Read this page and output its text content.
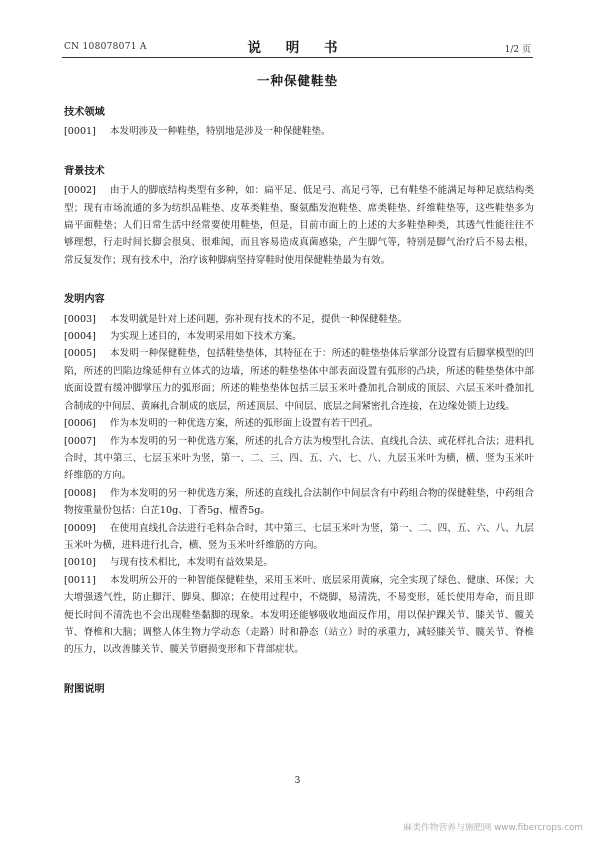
CN 108078071 A	说 明 书	1/2 页
一种保健鞋垫
技术领域
[0001] 本发明涉及一种鞋垫，特别地是涉及一种保健鞋垫。
背景技术
[0002] 由于人的脚底结构类型有多种，如：扁平足、低足弓、高足弓等，已有鞋垫不能满足每种足底结构类型；现有市场流通的多为纺织品鞋垫、皮革类鞋垫、聚氨酯发泡鞋垫、席类鞋垫、纤维鞋垫等，这些鞋垫多为扁平面鞋垫；人们日常生活中经常要使用鞋垫，但是，目前市面上的上述的大多鞋垫种类，其透气性能往往不够理想，行走时间长脚会很臭、很难闻，而且容易造成真菌感染，产生脚气等，特别是脚气治疗后不易去根，常反复发作；现有技术中，治疗该种脚病坚持穿鞋时使用保健鞋垫最为有效。
发明内容
[0003] 本发明就是针对上述问题，弥补现有技术的不足，提供一种保健鞋垫。
[0004] 为实现上述目的，本发明采用如下技术方案。
[0005] 本发明一种保健鞋垫，包括鞋垫垫体，其特征在于：所述的鞋垫垫体后掌部分设置有后脚掌模型的凹陷，所述的凹陷边缘延伸有立体式的边墙，所述的鞋垫垫体中部表面设置有弧形的凸块，所述的鞋垫垫体中部底面设置有缓冲脚掌压力的弧形面；所述的鞋垫垫体包括三层玉米叶叠加扎合制成的顶层、六层玉米叶叠加扎合制成的中间层、黄麻扎合制成的底层，所述顶层、中间层、底层之间紧密扎合连接，在边缘处锁上边线。
[0006] 作为本发明的一种优选方案，所述的弧形面上设置有若干凹孔。
[0007] 作为本发明的另一种优选方案，所述的扎合方法为梭型扎合法、直线扎合法、或花样扎合法；进料扎合时，其中第三、七层玉米叶为竖，第一、二、三、四、五、六、七、八、九层玉米叶为横，横、竖为玉米叶纤维筋的方向。
[0008] 作为本发明的另一种优选方案，所述的直线扎合法制作中间层含有中药组合物的保健鞋垫，中药组合物按重量份包括：白芷10g、丁香5g、檀香5g。
[0009] 在使用直线扎合法进行毛料杂合时，其中第三、七层玉米叶为竖，第一、二、四、五、六、八、九层玉米叶为横，进料进行扎合，横、竖为玉米叶纤维筋的方向。
[0010] 与现有技术相比，本发明有益效果是。
[0011] 本发明所公开的一种智能保健鞋垫，采用玉米叶、底层采用黄麻，完全实现了绿色、健康、环保；大大增强透气性，防止脚汗、脚臭、脚凉；在使用过程中，不烧脚，易清洗，不易变形，延长使用寿命，而且即便长时间不清洗也不会出现鞋垫黏脚的现象。本发明还能够吸收地面反作用，用以保护踝关节、膝关节、髋关节、脊椎和大脑；调整人体生物力学动态（走路）时和静态（站立）时的承重力，减轻膝关节、髋关节、脊椎的压力，以改善膝关节、髋关节磨损变形和下背部症状。
附图说明
3
麻类作物营养与施肥网 www.fibercrops.com
